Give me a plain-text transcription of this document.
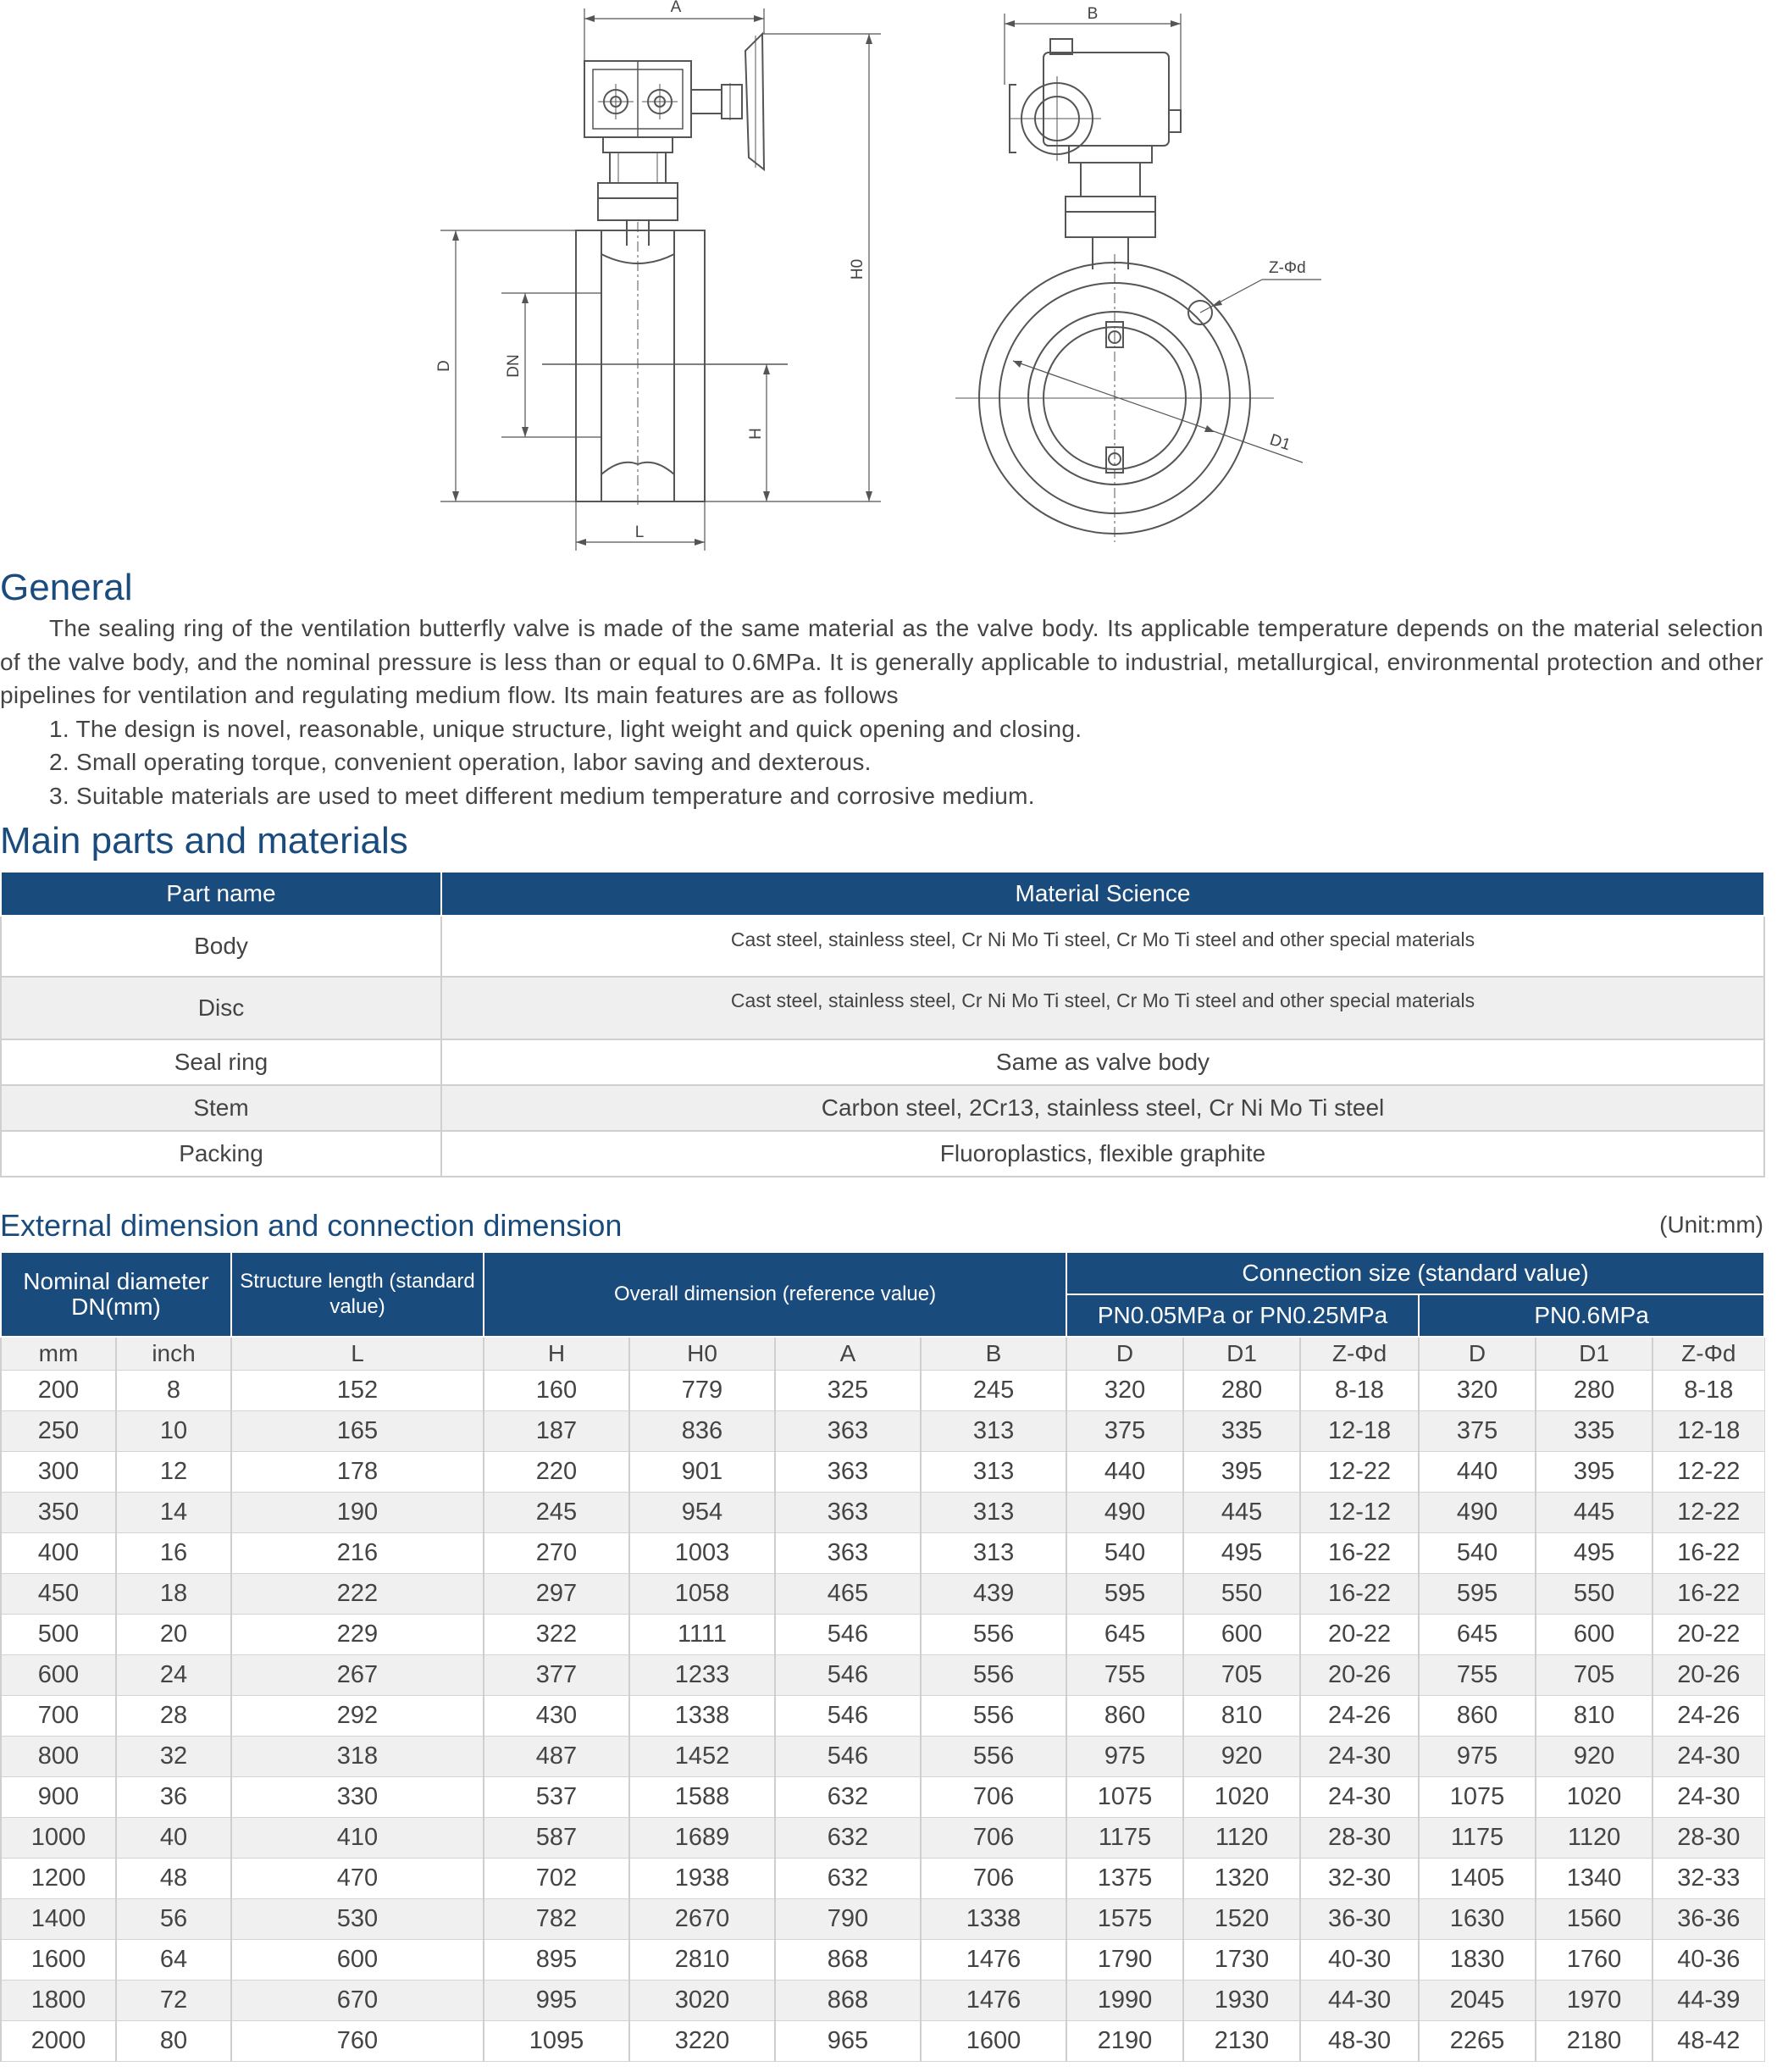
A
H0
D	DN
H
L
B
Z-Φd
D1
General

The sealing ring of the ventilation butterfly valve is made of the same material as the valve body. Its applicable temperature depends on the material selection of the valve body, and the nominal pressure is less than or equal to 0.6MPa. It is generally applicable to industrial, metallurgical, environmental protection and other pipelines for ventilation and regulating medium flow. Its main features are as follows

1. The design is novel, reasonable, unique structure, light weight and quick opening and closing.
2. Small operating torque, convenient operation, labor saving and dexterous.
3. Suitable materials are used to meet different medium temperature and corrosive medium.
Main parts and materials
Part name	Material Science
Body	Cast steel, stainless steel, Cr Ni Mo Ti steel, Cr Mo Ti steel and other special materials
Disc	Cast steel, stainless steel, Cr Ni Mo Ti steel, Cr Mo Ti steel and other special materials
Seal ring	Same as valve body
Stem	Carbon steel, 2Cr13, stainless steel, Cr Ni Mo Ti steel
Packing	Fluoroplastics, flexible graphite
External dimension and connection dimension	(Unit:mm)
Nominal diameter DN(mm)		Structure length (standard value)	Overall dimension (reference value)				Connection size (standard value)					
							PN0.05MPa or PN0.25MPa			PN0.6MPa		
mm	inch	L	H	H0	A	B	D	D1	Z-Φd	D	D1	Z-Φd
200	8	152	160	779	325	245	320	280	8-18	320	280	8-18
250	10	165	187	836	363	313	375	335	12-18	375	335	12-18
300	12	178	220	901	363	313	440	395	12-22	440	395	12-22
350	14	190	245	954	363	313	490	445	12-12	490	445	12-22
400	16	216	270	1003	363	313	540	495	16-22	540	495	16-22
450	18	222	297	1058	465	439	595	550	16-22	595	550	16-22
500	20	229	322	1111	546	556	645	600	20-22	645	600	20-22
600	24	267	377	1233	546	556	755	705	20-26	755	705	20-26
700	28	292	430	1338	546	556	860	810	24-26	860	810	24-26
800	32	318	487	1452	546	556	975	920	24-30	975	920	24-30
900	36	330	537	1588	632	706	1075	1020	24-30	1075	1020	24-30
1000	40	410	587	1689	632	706	1175	1120	28-30	1175	1120	28-30
1200	48	470	702	1938	632	706	1375	1320	32-30	1405	1340	32-33
1400	56	530	782	2670	790	1338	1575	1520	36-30	1630	1560	36-36
1600	64	600	895	2810	868	1476	1790	1730	40-30	1830	1760	40-36
1800	72	670	995	3020	868	1476	1990	1930	44-30	2045	1970	44-39
2000	80	760	1095	3220	965	1600	2190	2130	48-30	2265	2180	48-42
